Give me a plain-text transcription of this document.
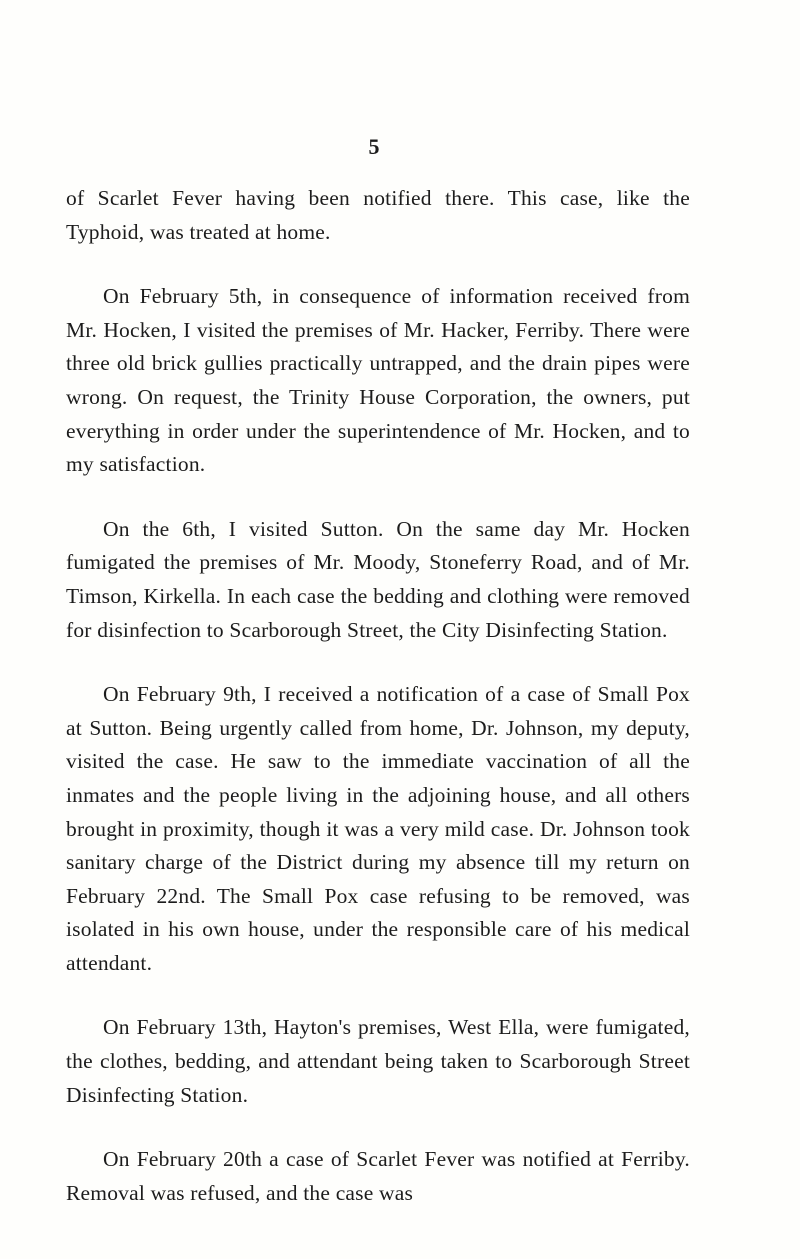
5

of Scarlet Fever having been notified there. This case, like the Typhoid, was treated at home.

On February 5th, in consequence of information received from Mr. Hocken, I visited the premises of Mr. Hacker, Ferriby. There were three old brick gullies practically untrapped, and the drain pipes were wrong. On request, the Trinity House Corporation, the owners, put everything in order under the superintendence of Mr. Hocken, and to my satisfaction.

On the 6th, I visited Sutton. On the same day Mr. Hocken fumigated the premises of Mr. Moody, Stoneferry Road, and of Mr. Timson, Kirkella. In each case the bedding and clothing were removed for disinfection to Scarborough Street, the City Disinfecting Station.

On February 9th, I received a notification of a case of Small Pox at Sutton. Being urgently called from home, Dr. Johnson, my deputy, visited the case. He saw to the immediate vaccination of all the inmates and the people living in the adjoining house, and all others brought in proximity, though it was a very mild case. Dr. Johnson took sanitary charge of the District during my absence till my return on February 22nd. The Small Pox case refusing to be removed, was isolated in his own house, under the responsible care of his medical attendant.

On February 13th, Hayton's premises, West Ella, were fumigated, the clothes, bedding, and attendant being taken to Scarborough Street Disinfecting Station.

On February 20th a case of Scarlet Fever was notified at Ferriby. Removal was refused, and the case was
